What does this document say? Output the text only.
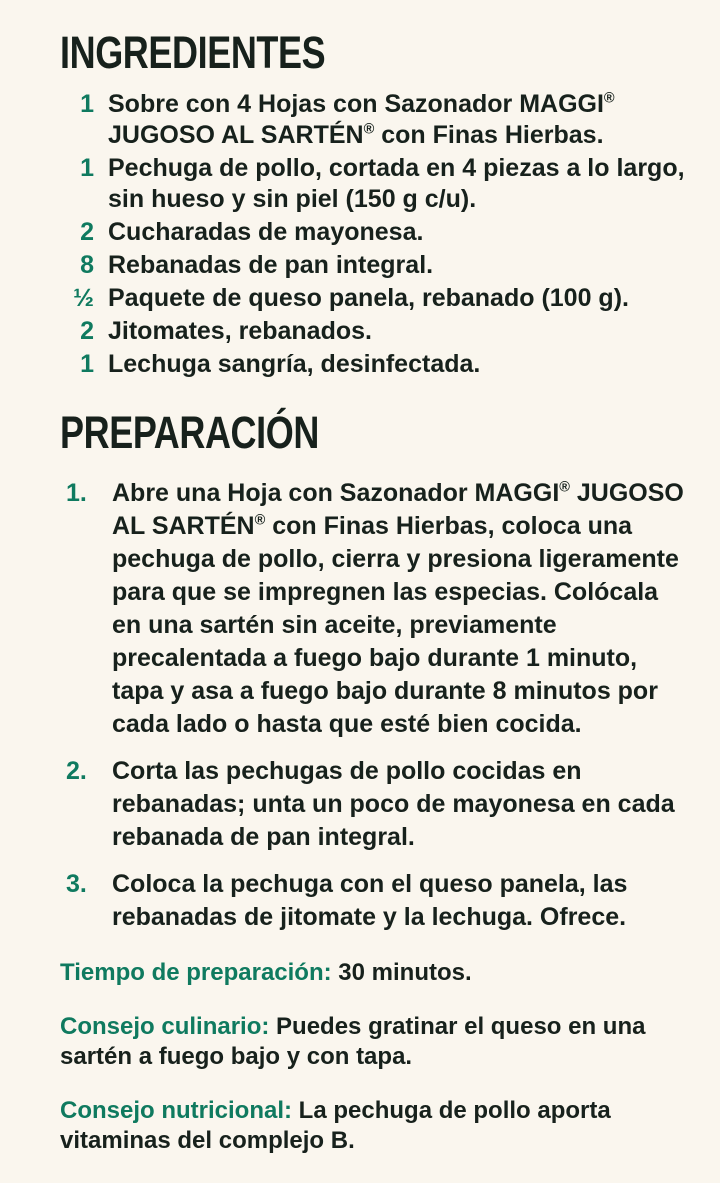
INGREDIENTES
1 Sobre con 4 Hojas con Sazonador MAGGI® JUGOSO AL SARTÉN® con Finas Hierbas.
1 Pechuga de pollo, cortada en 4 piezas a lo largo, sin hueso y sin piel (150 g c/u).
2 Cucharadas de mayonesa.
8 Rebanadas de pan integral.
½ Paquete de queso panela, rebanado (100 g).
2 Jitomates, rebanados.
1 Lechuga sangría, desinfectada.
PREPARACIÓN
1.	Abre una Hoja con Sazonador MAGGI® JUGOSO AL SARTÉN® con Finas Hierbas, coloca una pechuga de pollo, cierra y presiona ligeramente para que se impregnen las especias. Colócala en una sartén sin aceite, previamente precalentada a fuego bajo durante 1 minuto, tapa y asa a fuego bajo durante 8 minutos por cada lado o hasta que esté bien cocida.
2.	Corta las pechugas de pollo cocidas en rebanadas; unta un poco de mayonesa en cada rebanada de pan integral.
3.	Coloca la pechuga con el queso panela, las rebanadas de jitomate y la lechuga. Ofrece.

Tiempo de preparación: 30 minutos.

Consejo culinario: Puedes gratinar el queso en una sartén a fuego bajo y con tapa.

Consejo nutricional: La pechuga de pollo aporta vitaminas del complejo B.
